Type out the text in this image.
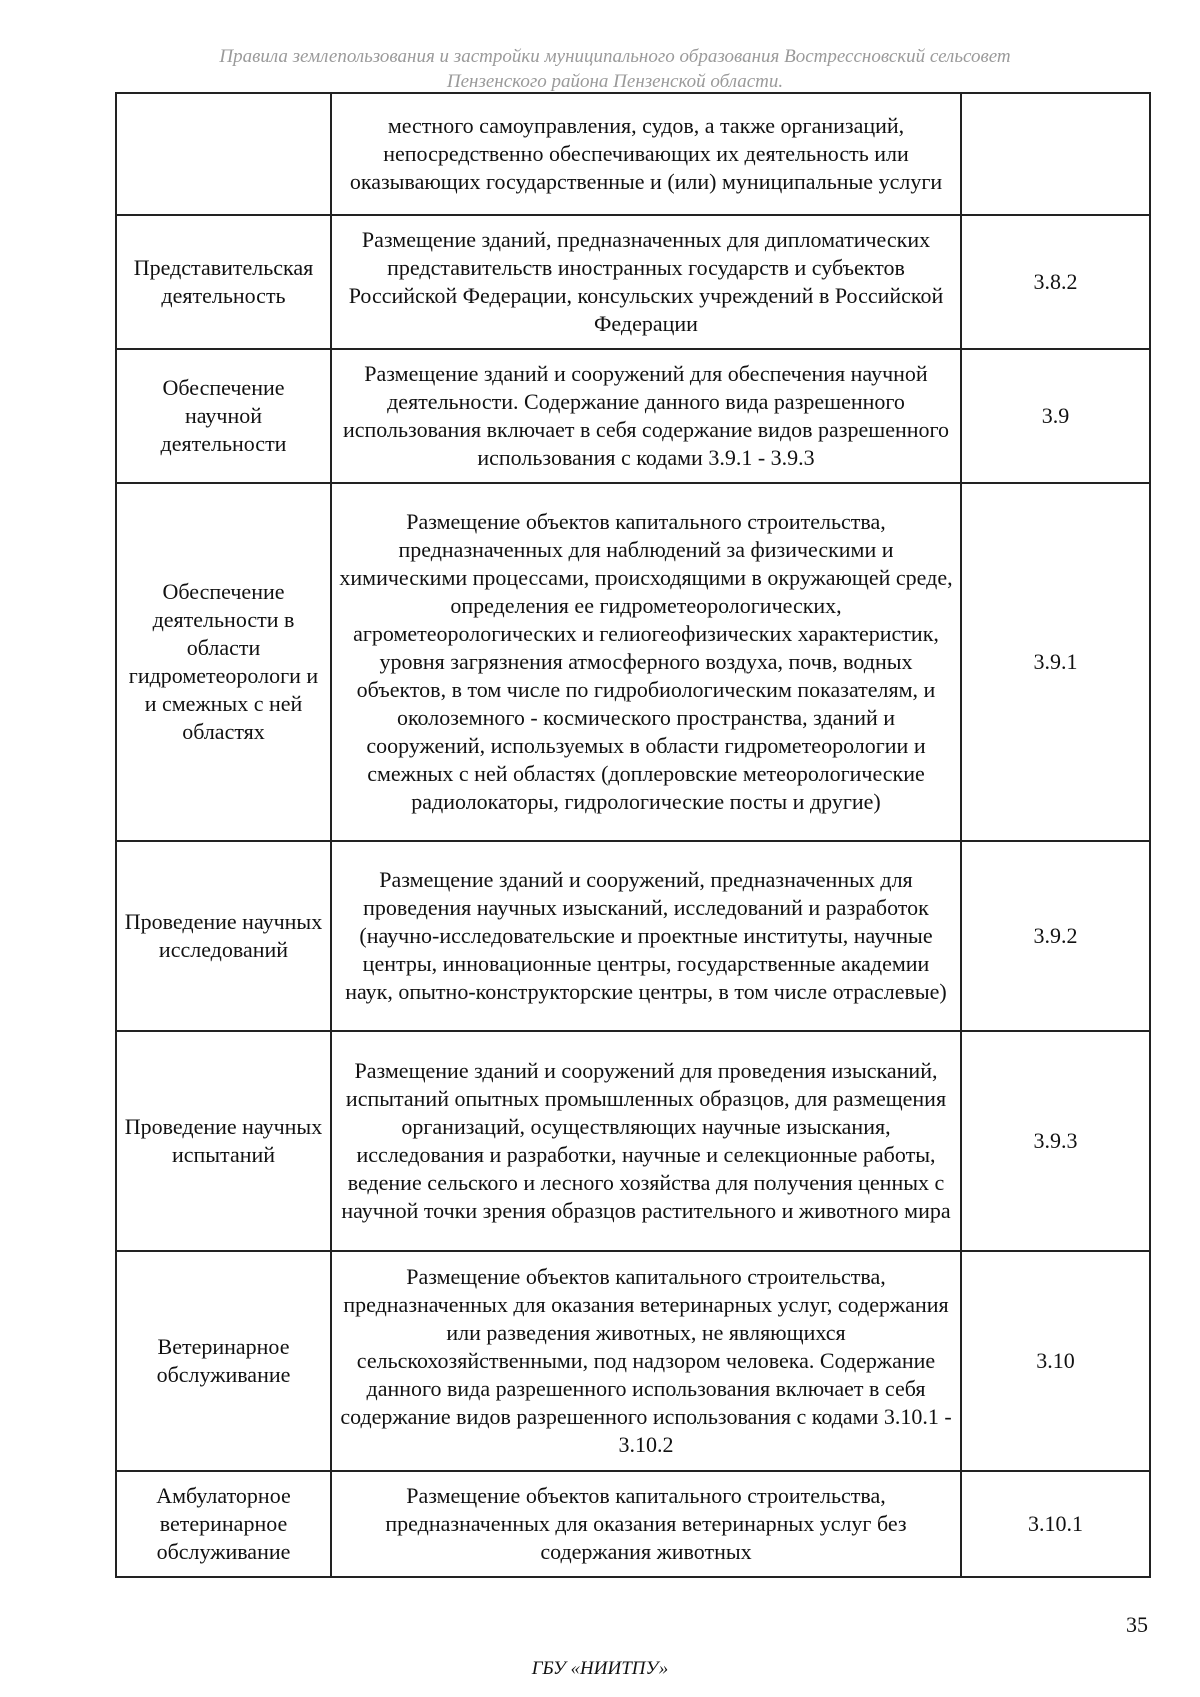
Правила землепользования и застройки муниципального образования Вострессновский сельсовет
Пензенского района Пензенской области.
	местного самоуправления, судов, а также организаций, непосредственно обеспечивающих их деятельность или оказывающих государственные и (или) муниципальные услуги	
Представительская деятельность	Размещение зданий, предназначенных для дипломатических представительств иностранных государств и субъектов Российской Федерации, консульских учреждений в Российской Федерации	3.8.2
Обеспечение научной деятельности	Размещение зданий и сооружений для обеспечения научной деятельности. Содержание данного вида разрешенного использования включает в себя содержание видов разрешенного использования с кодами 3.9.1 - 3.9.3	3.9
Обеспечение деятельности в области гидрометеорологи и и смежных с ней областях	Размещение объектов капитального строительства, предназначенных для наблюдений за физическими и химическими процессами, происходящими в окружающей среде, определения ее гидрометеорологических, агрометеорологических и гелиогеофизических характеристик, уровня загрязнения атмосферного воздуха, почв, водных объектов, в том числе по гидробиологическим показателям, и околоземного - космического пространства, зданий и сооружений, используемых в области гидрометеорологии и смежных с ней областях (доплеровские метеорологические радиолокаторы, гидрологические посты и другие)	3.9.1
Проведение научных исследований	Размещение зданий и сооружений, предназначенных для проведения научных изысканий, исследований и разработок (научно-исследовательские и проектные институты, научные центры, инновационные центры, государственные академии наук, опытно-конструкторские центры, в том числе отраслевые)	3.9.2
Проведение научных испытаний	Размещение зданий и сооружений для проведения изысканий, испытаний опытных промышленных образцов, для размещения организаций, осуществляющих научные изыскания, исследования и разработки, научные и селекционные работы, ведение сельского и лесного хозяйства для получения ценных с научной точки зрения образцов растительного и животного мира	3.9.3
Ветеринарное обслуживание	Размещение объектов капитального строительства, предназначенных для оказания ветеринарных услуг, содержания или разведения животных, не являющихся сельскохозяйственными, под надзором человека. Содержание данного вида разрешенного использования включает в себя содержание видов разрешенного использования с кодами 3.10.1 - 3.10.2	3.10
Амбулаторное ветеринарное обслуживание	Размещение объектов капитального строительства, предназначенных для оказания ветеринарных услуг без содержания животных	3.10.1
35
ГБУ «НИИТПУ»
